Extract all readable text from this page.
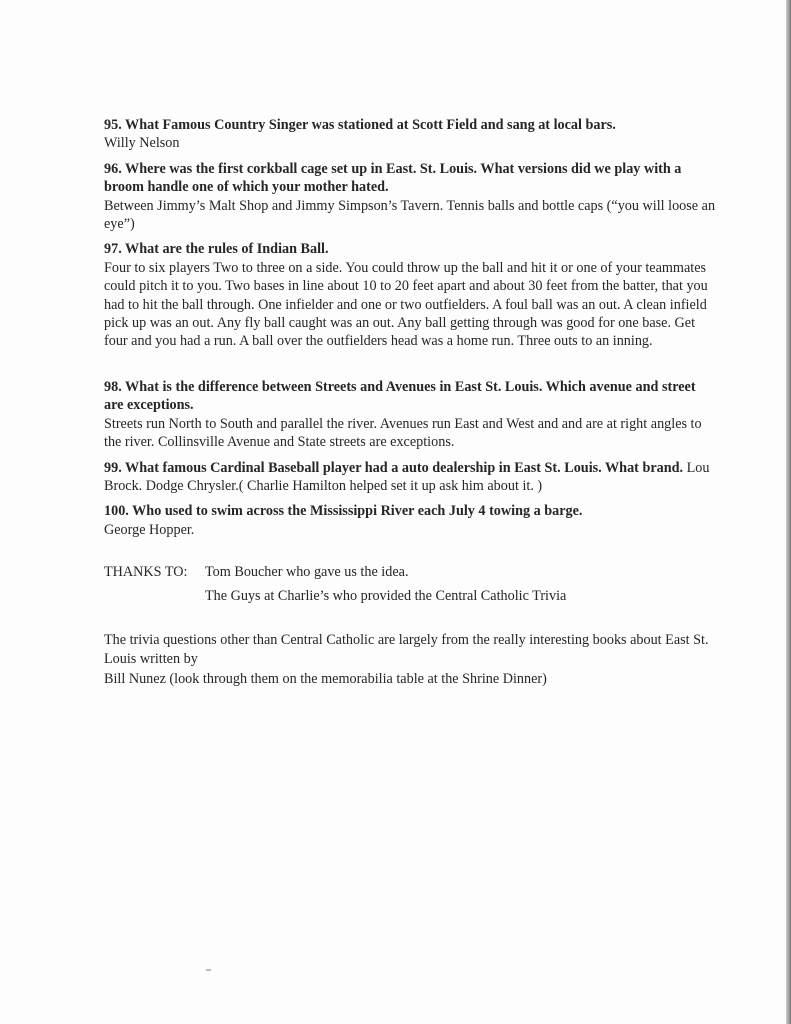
95. What Famous Country Singer was stationed at Scott Field and sang at local bars.
Willy Nelson
96. Where was the first corkball cage set up in East. St. Louis. What versions did we play with a broom handle one of which your mother hated.
Between Jimmy’s Malt Shop and Jimmy Simpson’s Tavern. Tennis balls and bottle caps (“you will loose an eye”)
97. What are the rules of Indian Ball.
Four to six players Two to three on a side. You could throw up the ball and hit it or one of your teammates could pitch it to you. Two bases in line about 10 to 20 feet apart and about 30 feet from the batter, that you had to hit the ball through. One infielder and one or two outfielders. A foul ball was an out. A clean infield pick up was an out. Any fly ball caught was an out. Any ball getting through was good for one base. Get four and you had a run. A ball over the outfielders head was a home run. Three outs to an inning.
98. What is the difference between Streets and Avenues in East St. Louis. Which avenue and street are exceptions.
Streets run North to South and parallel the river. Avenues run East and West and and are at right angles to the river. Collinsville Avenue and State streets are exceptions.
99. What famous Cardinal Baseball player had a auto dealership in East St. Louis. What brand. Lou Brock. Dodge Chrysler.( Charlie Hamilton helped set it up ask him about it. )
100. Who used to swim across the Mississippi River each July 4 towing a barge.
George Hopper.
THANKS TO: Tom Boucher who gave us the idea.
The Guys at Charlie’s who provided the Central Catholic Trivia

The trivia questions other than Central Catholic are largely from the really interesting books about East St. Louis written by

Bill Nunez (look through them on the memorabilia table at the Shrine Dinner)
